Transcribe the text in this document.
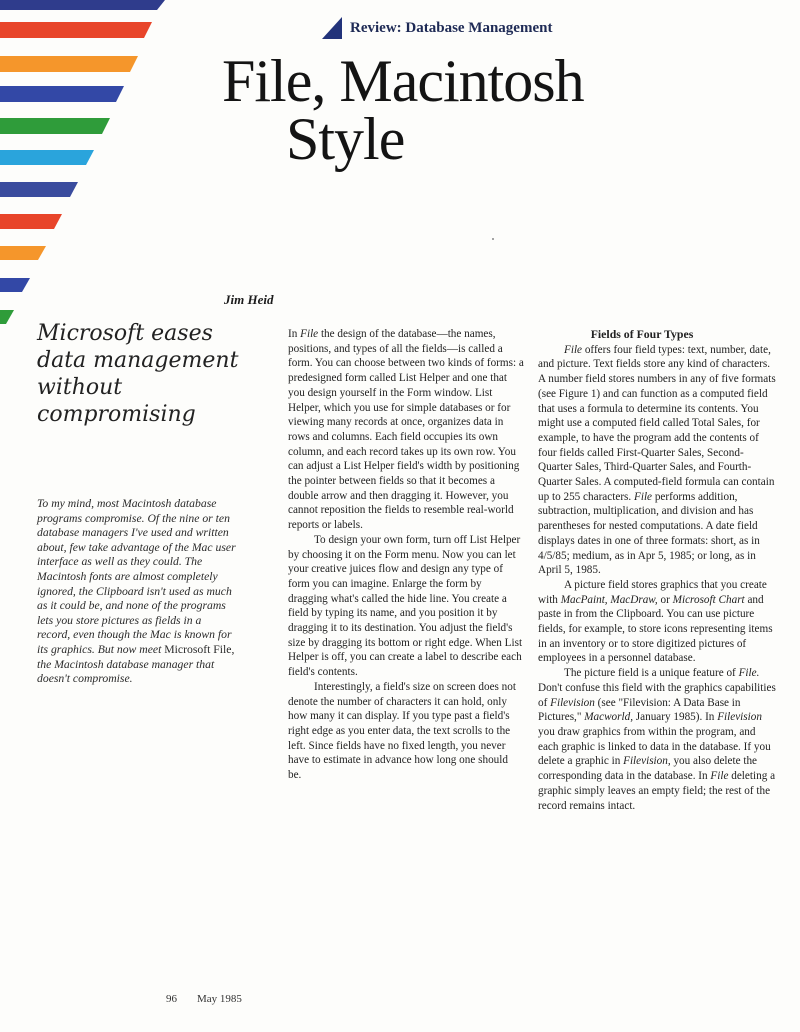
Review: Database Management
File, Macintosh
Style
Jim Heid
Microsoft eases data management without compromising
To my mind, most Macintosh database programs compromise. Of the nine or ten database managers I've used and written about, few take advantage of the Mac user interface as well as they could. The Macintosh fonts are almost completely ignored, the Clipboard isn't used as much as it could be, and none of the programs lets you store pictures as fields in a record, even though the Mac is known for its graphics. But now meet Microsoft File, the Macintosh database manager that doesn't compromise.

In File the design of the database—the names, positions, and types of all the fields—is called a form. You can choose between two kinds of forms: a predesigned form called List Helper and one that you design yourself in the Form window. List Helper, which you use for simple databases or for viewing many records at once, organizes data in rows and columns. Each field occupies its own column, and each record takes up its own row. You can adjust a List Helper field's width by positioning the pointer between fields so that it becomes a double arrow and then dragging it. However, you cannot reposition the fields to resemble real-world reports or labels.

To design your own form, turn off List Helper by choosing it on the Form menu. Now you can let your creative juices flow and design any type of form you can imagine. Enlarge the form by dragging what's called the hide line. You create a field by typing its name, and you position it by dragging it to its destination. You adjust the field's size by dragging its bottom or right edge. When List Helper is off, you can create a label to describe each field's contents.

Interestingly, a field's size on screen does not denote the number of characters it can hold, only how many it can display. If you type past a field's right edge as you enter data, the text scrolls to the left. Since fields have no fixed length, you never have to estimate in advance how long one should be.

Fields of Four Types

File offers four field types: text, number, date, and picture. Text fields store any kind of characters. A number field stores numbers in any of five formats (see Figure 1) and can function as a computed field that uses a formula to determine its contents. You might use a computed field called Total Sales, for example, to have the program add the contents of four fields called First-Quarter Sales, Second-Quarter Sales, Third-Quarter Sales, and Fourth-Quarter Sales. A computed-field formula can contain up to 255 characters. File performs addition, subtraction, multiplication, and division and has parentheses for nested computations. A date field displays dates in one of three formats: short, as in 4/5/85; medium, as in Apr 5, 1985; or long, as in April 5, 1985.

A picture field stores graphics that you create with MacPaint, MacDraw, or Microsoft Chart and paste in from the Clipboard. You can use picture fields, for example, to store icons representing items in an inventory or to store digitized pictures of employees in a personnel database.

The picture field is a unique feature of File. Don't confuse this field with the graphics capabilities of Filevision (see "Filevision: A Data Base in Pictures," Macworld, January 1985). In Filevision you draw graphics from within the program, and each graphic is linked to data in the database. If you delete a graphic in Filevision, you also delete the corresponding data in the database. In File deleting a graphic simply leaves an empty field; the rest of the record remains intact.

96 May 1985
